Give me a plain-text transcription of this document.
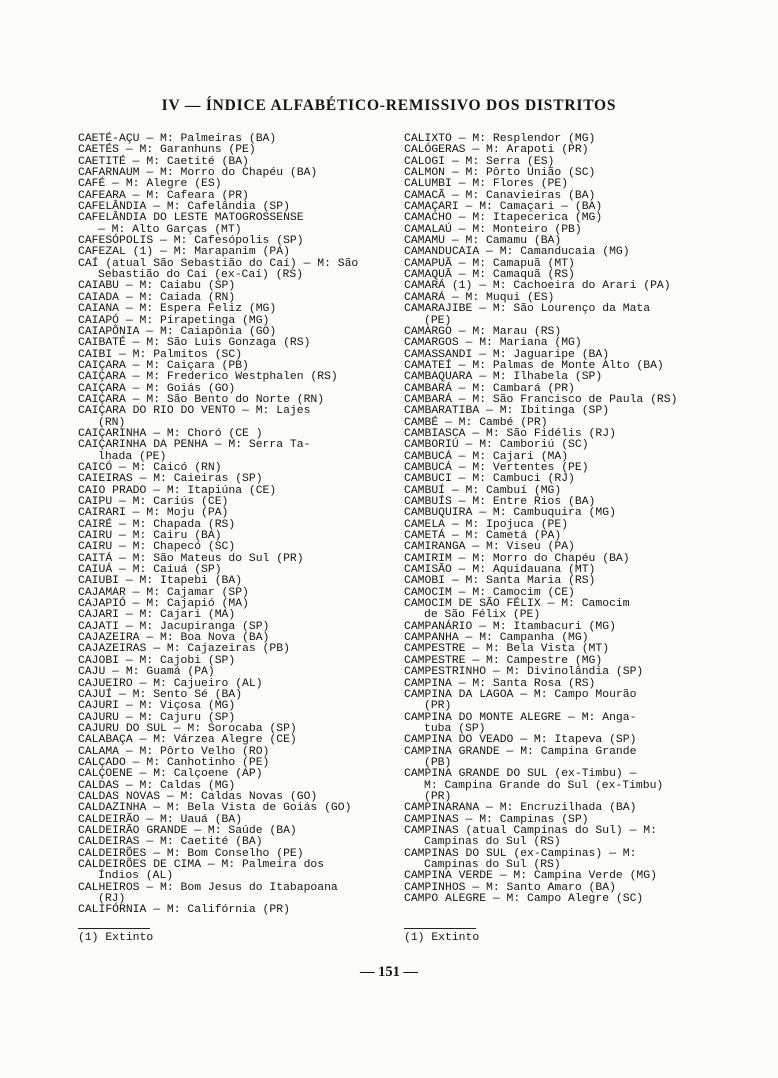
IV — ÍNDICE ALFABÉTICO-REMISSIVO DOS DISTRITOS
CAETÉ-AÇU — M: Palmeiras (BA)
CAETÉS — M: Garanhuns (PE)
CAETITÉ — M: Caetité (BA)
CAFARNAUM — M: Morro do Chapéu (BA)
CAFÉ — M: Alegre (ES)
CAFEARA — M: Cafeara (PR)
CAFELÂNDIA — M: Cafelândia (SP)
CAFELÂNDIA DO LESTE MATOGROSSENSE
— M: Alto Garças (MT)
CAFESÓPOLIS — M: Cafesópolis (SP)
CAFEZAL (1) — M: Marapanim (PA)
CAÍ (atual São Sebastião do Caí) — M: São
Sebastião do Caí (ex-Caí) (RS)
CAIABU — M: Caiabu (SP)
CAIADA — M: Caiada (RN)
CAIANA — M: Espera Feliz (MG)
CAIAPÓ — M: Pirapetinga (MG)
CAIAPÔNIA — M: Caiapônia (GO)
CAIBATÉ — M: São Luis Gonzaga (RS)
CAIBI — M: Palmitos (SC)
CAIÇARA — M: Caiçara (PB)
CAIÇARA — M: Frederico Westphalen (RS)
CAIÇARA — M: Goiás (GO)
CAIÇARA — M: São Bento do Norte (RN)
CAIÇARA DO RIO DO VENTO — M: Lajes
(RN)
CAIÇARINHA — M: Choró (CE )
CAIÇARINHA DA PENHA — M: Serra Ta-
lhada (PE)
CAICÓ — M: Caicó (RN)
CAIEIRAS — M: Caieiras (SP)
CAIO PRADO — M: Itapiúna (CE)
CAIPU — M: Cariús (CE)
CAIRARI — M: Moju (PA)
CAIRÉ — M: Chapada (RS)
CAIRU — M: Cairu (BA)
CAIRU — M: Chapecó (SC)
CAITÁ — M: São Mateus do Sul (PR)
CAIUÁ — M: Caiuá (SP)
CAIUBI — M: Itapebi (BA)
CAJAMAR — M: Cajamar (SP)
CAJAPIÓ — M: Cajapió (MA)
CAJARI — M: Cajari (MA)
CAJATI — M: Jacupiranga (SP)
CAJAZEIRA — M: Boa Nova (BA)
CAJAZEIRAS — M: Cajazeiras (PB)
CAJOBI — M: Cajobi (SP)
CAJU — M: Guamá (PA)
CAJUEIRO — M: Cajueiro (AL)
CAJUÍ — M: Sento Sé (BA)
CAJURI — M: Viçosa (MG)
CAJURU — M: Cajuru (SP)
CAJURU DO SUL — M: Sorocaba (SP)
CALABAÇA — M: Várzea Alegre (CE)
CALAMA — M: Pôrto Velho (RO)
CALÇADO — M: Canhotinho (PE)
CALÇOENE — M: Calçoene (AP)
CALDAS — M: Caldas (MG)
CALDAS NOVAS — M: Caldas Novas (GO)
CALDAZINHA — M: Bela Vista de Goiás (GO)
CALDEIRÃO — M: Uauá (BA)
CALDEIRÃO GRANDE — M: Saúde (BA)
CALDEIRAS — M: Caetité (BA)
CALDEIRÕES — M: Bom Conselho (PE)
CALDEIRÕES DE CIMA — M: Palmeira dos
Índios (AL)
CALHEIROS — M: Bom Jesus do Itabapoana
(RJ)
CALIFÓRNIA — M: Califórnia (PR)
CALIXTO — M: Resplendor (MG)
CALÓGERAS — M: Arapoti (PR)
CALOGI — M: Serra (ES)
CALMON — M: Pôrto União (SC)
CALUMBI — M: Flores (PE)
CAMACÃ — M: Canavieiras (BA)
CAMAÇARI — M: Camaçari — (BA)
CAMACHO — M: Itapecerica (MG)
CAMALAÚ — M: Monteiro (PB)
CAMAMU — M: Camamu (BA)
CAMANDUCAIA — M: Camanducaia (MG)
CAMAPUÃ — M: Camapuã (MT)
CAMAQUÃ — M: Camaquã (RS)
CAMARÁ (1) — M: Cachoeira do Arari (PA)
CAMARÁ — M: Muqui (ES)
CAMARAJIBE — M: São Lourenço da Mata
(PE)
CAMARGO — M: Marau (RS)
CAMARGOS — M: Mariana (MG)
CAMASSANDI — M: Jaguaripe (BA)
CAMATEÍ — M: Palmas de Monte Alto (BA)
CAMBAQUARA — M: Ilhabela (SP)
CAMBARÁ — M: Cambará (PR)
CAMBARÁ — M: São Francisco de Paula (RS)
CAMBARATIBA — M: Ibitinga (SP)
CAMBÉ — M: Cambé (PR)
CAMBIASCA — M: São Fidélis (RJ)
CAMBORIÚ — M: Camboriú (SC)
CAMBUCÁ — M: Cajari (MA)
CAMBUCÁ — M: Vertentes (PE)
CAMBUCI — M: Cambuci (RJ)
CAMBUÍ — M: Cambuí (MG)
CAMBUÍS — M: Entre Rios (BA)
CAMBUQUIRA — M: Cambuquira (MG)
CAMELA — M: Ipojuca (PE)
CAMETÁ — M: Cametá (PA)
CAMIRANGA — M: Viseu (PA)
CAMIRIM — M: Morro do Chapéu (BA)
CAMISÃO — M: Aquidauana (MT)
CAMOBI — M: Santa Maria (RS)
CAMOCIM — M: Camocim (CE)
CAMOCIM DE SÃO FÉLIX — M: Camocim
de São Félix (PE)
CAMPANÁRIO — M: Itambacuri (MG)
CAMPANHA — M: Campanha (MG)
CAMPESTRE — M: Bela Vista (MT)
CAMPESTRE — M: Campestre (MG)
CAMPESTRINHO — M: Divinolândia (SP)
CAMPINA — M: Santa Rosa (RS)
CAMPINA DA LAGOA — M: Campo Mourão
(PR)
CAMPINA DO MONTE ALEGRE — M: Anga-
tuba (SP)
CAMPINA DO VEADO — M: Itapeva (SP)
CAMPINA GRANDE — M: Campina Grande
(PB)
CAMPINA GRANDE DO SUL (ex-Timbu) —
M: Campina Grande do Sul (ex-Timbu)
(PR)
CAMPINARANA — M: Encruzilhada (BA)
CAMPINAS — M: Campinas (SP)
CAMPINAS (atual Campinas do Sul) — M:
Campinas do Sul (RS)
CAMPINAS DO SUL (ex-Campinas) — M:
Campinas do Sul (RS)
CAMPINA VERDE — M: Campina Verde (MG)
CAMPINHOS — M: Santo Amaro (BA)
CAMPO ALEGRE — M: Campo Alegre (SC)
(1) Extinto	(1) Extinto
— 151 —
